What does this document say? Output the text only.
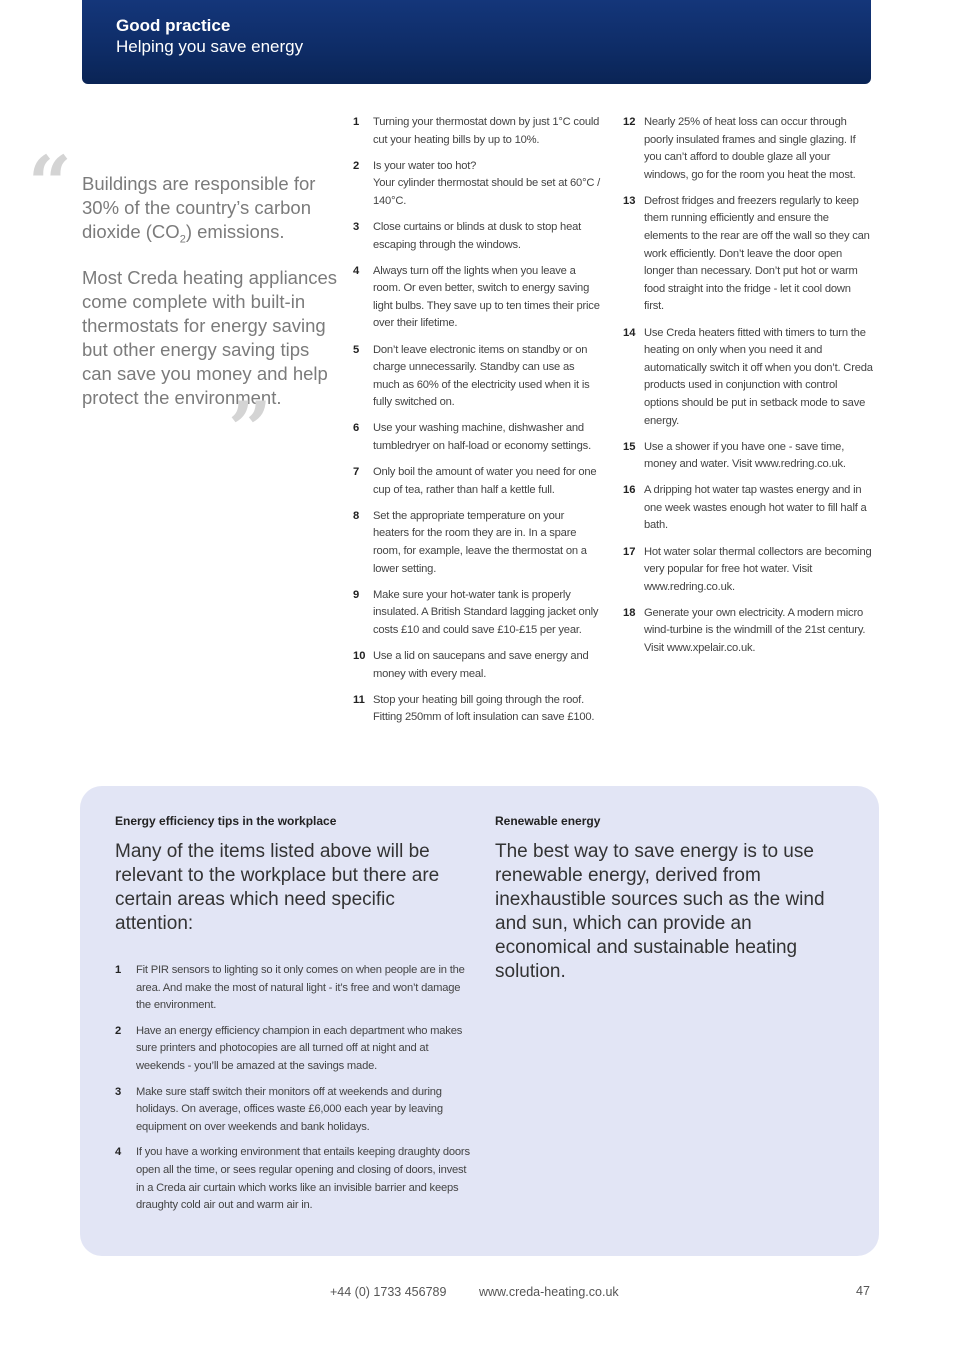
Good practice
Helping you save energy
“ Buildings are responsible for 30% of the country’s carbon dioxide $(CO_2)$ emissions.

Most Creda heating appliances come complete with built-in thermostats for energy saving but other energy saving tips can save you money and help protect the environment.

”
1 Turning your thermostat down by just 1°C could cut your heating bills by up to 10%.
2 Is your water too hot?
Your cylinder thermostat should be set at 60°C / 140°C.
3 Close curtains or blinds at dusk to stop heat escaping through the windows.
4 Always turn off the lights when you leave a room. Or even better, switch to energy saving light bulbs. They save up to ten times their price over their lifetime.
5 Don’t leave electronic items on standby or on charge unnecessarily. Standby can use as much as 60% of the electricity used when it is fully switched on.
6 Use your washing machine, dishwasher and tumbledryer on half-load or economy settings.
7 Only boil the amount of water you need for one cup of tea, rather than half a kettle full.
8 Set the appropriate temperature on your heaters for the room they are in. In a spare room, for example, leave the thermostat on a lower setting.
9 Make sure your hot-water tank is properly insulated. A British Standard lagging jacket only costs £10 and could save £10-£15 per year.
10 Use a lid on saucepans and save energy and money with every meal.
11 Stop your heating bill going through the roof. Fitting 250mm of loft insulation can save £100.
12 Nearly 25% of heat loss can occur through poorly insulated frames and single glazing. If you can’t afford to double glaze all your windows, go for the room you heat the most.
13 Defrost fridges and freezers regularly to keep them running efficiently and ensure the elements to the rear are off the wall so they can work efficiently. Don’t leave the door open longer than necessary. Don’t put hot or warm food straight into the fridge - let it cool down first.
14 Use Creda heaters fitted with timers to turn the heating on only when you need it and automatically switch it off when you don’t. Creda products used in conjunction with control options should be put in setback mode to save energy.
15 Use a shower if you have one - save time, money and water. Visit www.redring.co.uk.
16 A dripping hot water tap wastes energy and in one week wastes enough hot water to fill half a bath.
17 Hot water solar thermal collectors are becoming very popular for free hot water. Visit www.redring.co.uk.
18 Generate your own electricity. A modern micro wind-turbine is the windmill of the 21st century. Visit www.xpelair.co.uk.
Energy efficiency tips in the workplace
Many of the items listed above will be relevant to the workplace but there are certain areas which need specific attention:
1 Fit PIR sensors to lighting so it only comes on when people are in the area. And make the most of natural light - it’s free and won’t damage the environment.
2 Have an energy efficiency champion in each department who makes sure printers and photocopies are all turned off at night and at weekends - you’ll be amazed at the savings made.
3 Make sure staff switch their monitors off at weekends and during holidays. On average, offices waste £6,000 each year by leaving equipment on over weekends and bank holidays.
4 If you have a working environment that entails keeping draughty doors open all the time, or sees regular opening and closing of doors, invest in a Creda air curtain which works like an invisible barrier and keeps draughty cold air out and warm air in.
Renewable energy
The best way to save energy is to use renewable energy, derived from inexhaustible sources such as the wind and sun, which can provide an economical and sustainable heating solution.
+44 (0) 1733 456789	www.creda-heating.co.uk	47
